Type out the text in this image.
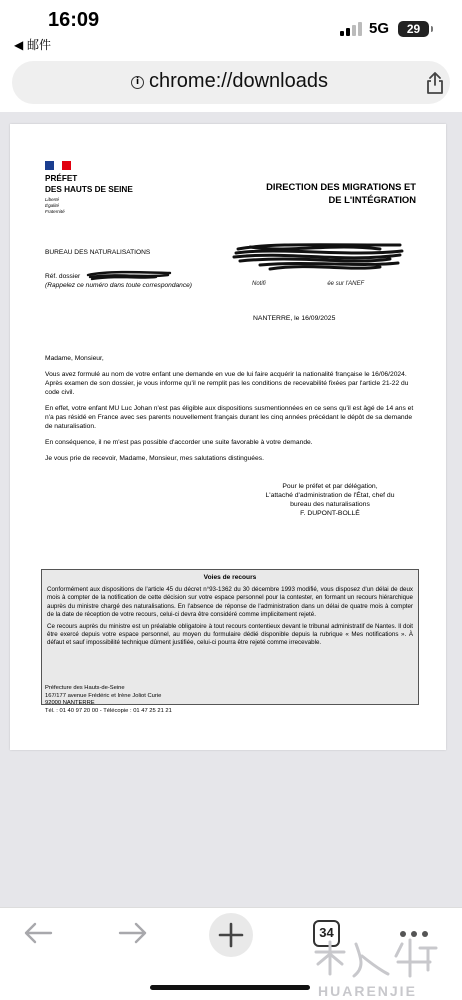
16:09
◀ 邮件
5G	29
i chrome://downloads
PRÉFET
DES HAUTS DE SEINE
Liberté
Égalité
Fraternité
DIRECTION DES MIGRATIONS ET
DE L'INTÉGRATION
BUREAU DES NATURALISATIONS
Réf. dossier
(Rappelez ce numéro dans toute correspondance)	Notifi                                     ée sur l'ANEF
NANTERRE, le 16/09/2025

Madame, Monsieur,

Vous avez formulé au nom de votre enfant une demande en vue de lui faire acquérir la nationalité française le 16/06/2024. Après examen de son dossier, je vous informe qu'il ne remplit pas les conditions de recevabilité fixées par l'article 21-22 du code civil.

En effet, votre enfant MU Luc Johan n'est pas éligible aux dispositions susmentionnées en ce sens qu'il est âgé de 14 ans et n'a pas résidé en France avec ses parents nouvellement français durant les cinq années précédant le dépôt de sa demande de naturalisation.

En conséquence, il ne m'est pas possible d'accorder une suite favorable à votre demande.

Je vous prie de recevoir, Madame, Monsieur, mes salutations distinguées.

Pour le préfet et par délégation,
L'attaché d'administration de l'État, chef du
bureau des naturalisations
F. DUPONT-BOLLÉ
Voies de recours

Conformément aux dispositions de l'article 45 du décret n°93-1362 du 30 décembre 1993 modifié, vous disposez d'un délai de deux mois à compter de la notification de cette décision sur votre espace personnel pour la contester, en formant un recours hiérarchique auprès du ministre chargé des naturalisations. En l'absence de réponse de l'administration dans un délai de quatre mois à compter de la date de réception de votre recours, celui-ci devra être considéré comme implicitement rejeté.

Ce recours auprès du ministre est un préalable obligatoire à tout recours contentieux devant le tribunal administratif de Nantes. Il doit être exercé depuis votre espace personnel, au moyen du formulaire dédié disponible depuis la rubrique « Mes notifications ». À défaut et sauf impossibilité technique dûment justifiée, celui-ci pourra être rejeté comme irrecevable.

Préfecture des Hauts-de-Seine
167/177 avenue Frédéric et Irène Joliot Curie
92000 NANTERRE
Tél. : 01 40 97 20 00 - Télécopie : 01 47 25 21 21
34
HUARENJIE
